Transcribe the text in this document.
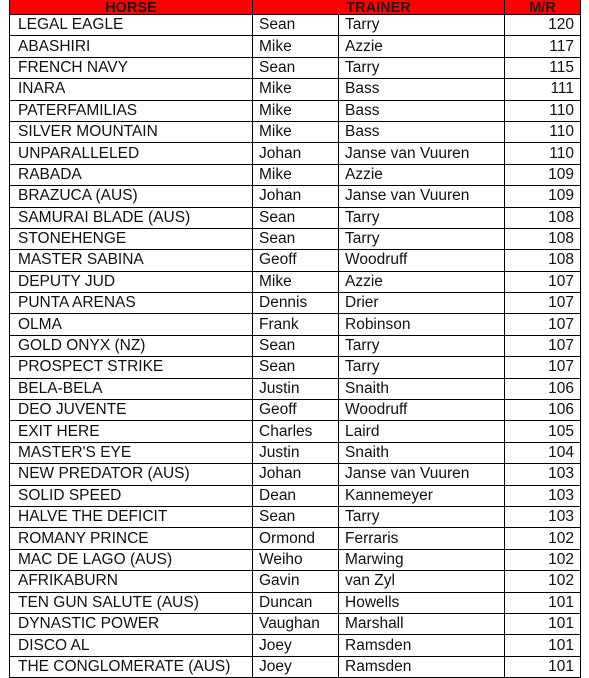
HORSE	TRAINER		M/R
LEGAL EAGLE	Sean	Tarry	120
ABASHIRI	Mike	Azzie	117
FRENCH NAVY	Sean	Tarry	115
INARA	Mike	Bass	111
PATERFAMILIAS	Mike	Bass	110
SILVER MOUNTAIN	Mike	Bass	110
UNPARALLELED	Johan	Janse van Vuuren	110
RABADA	Mike	Azzie	109
BRAZUCA (AUS)	Johan	Janse van Vuuren	109
SAMURAI BLADE (AUS)	Sean	Tarry	108
STONEHENGE	Sean	Tarry	108
MASTER SABINA	Geoff	Woodruff	108
DEPUTY JUD	Mike	Azzie	107
PUNTA ARENAS	Dennis	Drier	107
OLMA	Frank	Robinson	107
GOLD ONYX (NZ)	Sean	Tarry	107
PROSPECT STRIKE	Sean	Tarry	107
BELA-BELA	Justin	Snaith	106
DEO JUVENTE	Geoff	Woodruff	106
EXIT HERE	Charles	Laird	105
MASTER'S EYE	Justin	Snaith	104
NEW PREDATOR (AUS)	Johan	Janse van Vuuren	103
SOLID SPEED	Dean	Kannemeyer	103
HALVE THE DEFICIT	Sean	Tarry	103
ROMANY PRINCE	Ormond	Ferraris	102
MAC DE LAGO (AUS)	Weiho	Marwing	102
AFRIKABURN	Gavin	van Zyl	102
TEN GUN SALUTE (AUS)	Duncan	Howells	101
DYNASTIC POWER	Vaughan	Marshall	101
DISCO AL	Joey	Ramsden	101
THE CONGLOMERATE (AUS)	Joey	Ramsden	101
